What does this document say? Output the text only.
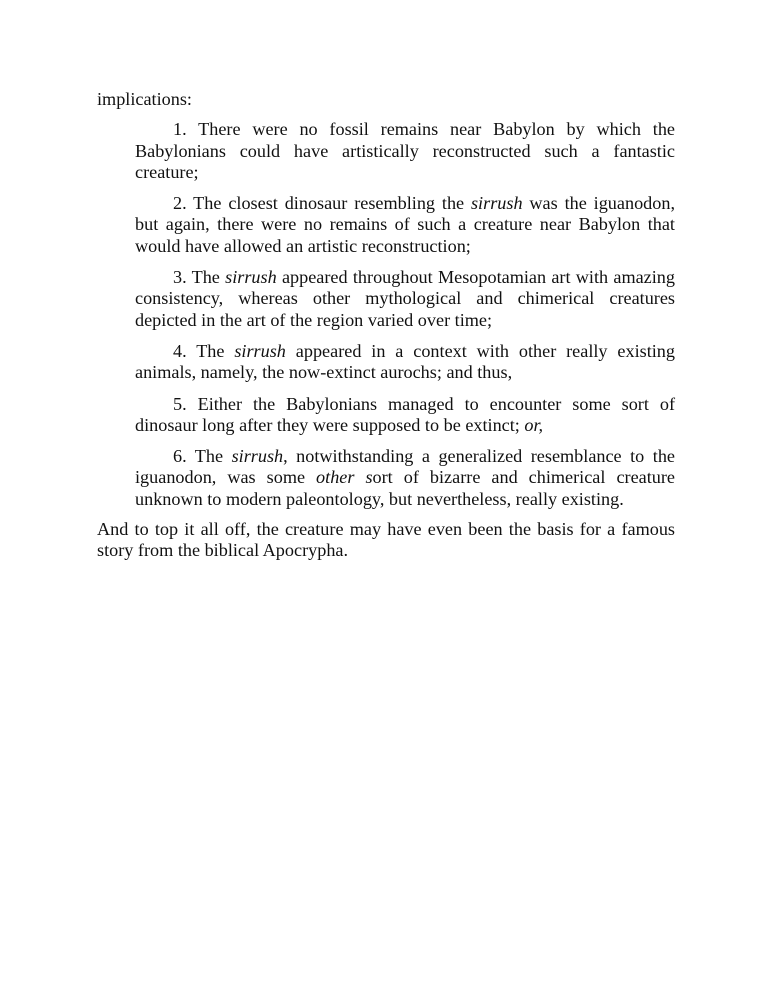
implications:

1. There were no fossil remains near Babylon by which the Babylonians could have artistically reconstructed such a fantastic creature;

2. The closest dinosaur resembling the sirrush was the iguanodon, but again, there were no remains of such a creature near Babylon that would have allowed an artistic reconstruction;

3. The sirrush appeared throughout Mesopotamian art with amazing consistency, whereas other mythological and chimerical creatures depicted in the art of the region varied over time;

4. The sirrush appeared in a context with other really existing animals, namely, the now-extinct aurochs; and thus,

5. Either the Babylonians managed to encounter some sort of dinosaur long after they were supposed to be extinct; or,

6. The sirrush, notwithstanding a generalized resemblance to the iguanodon, was some other sort of bizarre and chimerical creature unknown to modern paleontology, but nevertheless, really existing.

And to top it all off, the creature may have even been the basis for a famous story from the biblical Apocrypha.
